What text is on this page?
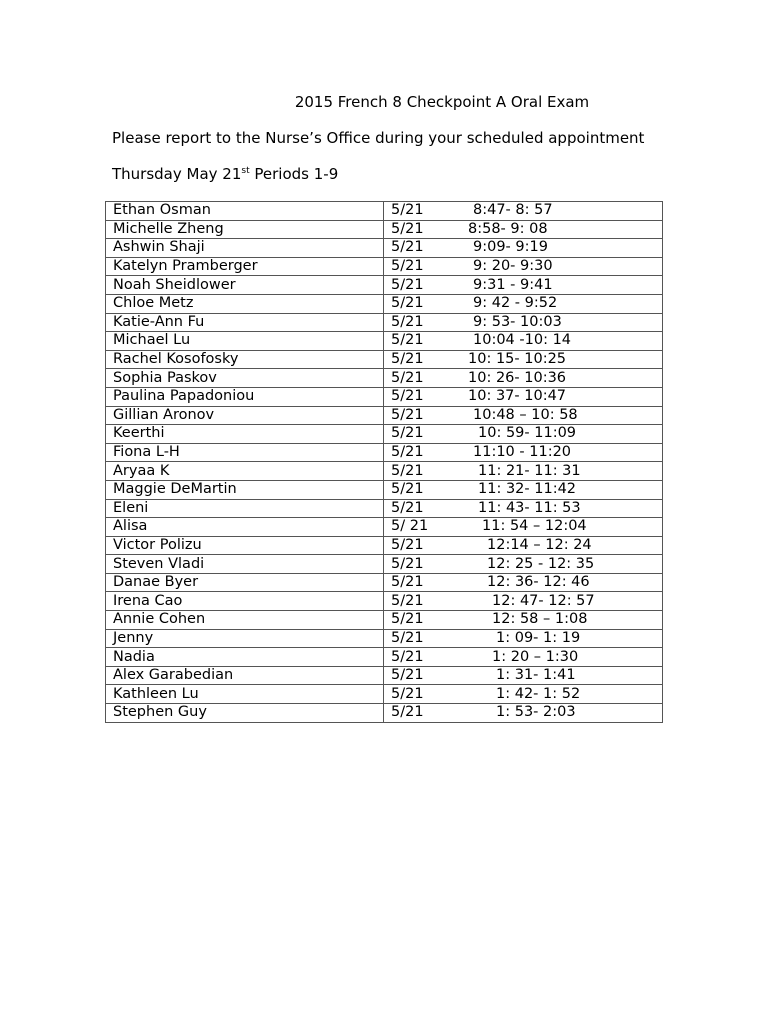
2015 French 8 Checkpoint A Oral Exam
Please report to the Nurse’s Office during your scheduled appointment
Thursday May 21st Periods 1-9
Ethan Osman	5/21 8:47- 8: 57
Michelle Zheng	5/21 8:58- 9: 08
Ashwin Shaji	5/21 9:09- 9:19
Katelyn Pramberger	5/21 9: 20- 9:30
Noah Sheidlower	5/21 9:31 - 9:41
Chloe Metz	5/21 9: 42 - 9:52
Katie-Ann Fu	5/21 9: 53- 10:03
Michael Lu	5/21 10:04 -10: 14
Rachel Kosofosky	5/21 10: 15- 10:25
Sophia Paskov	5/21 10: 26- 10:36
Paulina Papadoniou	5/21 10: 37- 10:47
Gillian Aronov	5/21 10:48 – 10: 58
Keerthi	5/21 10: 59- 11:09
Fiona L-H	5/21 11:10 - 11:20
Aryaa K	5/21 11: 21- 11: 31
Maggie DeMartin	5/21 11: 32- 11:42
Eleni	5/21 11: 43- 11: 53
Alisa	5/ 21 11: 54 – 12:04
Victor Polizu	5/21 12:14 – 12: 24
Steven Vladi	5/21 12: 25 - 12: 35
Danae Byer	5/21 12: 36- 12: 46
Irena Cao	5/21 12: 47- 12: 57
Annie Cohen	5/21 12: 58 – 1:08
Jenny	5/21 1: 09- 1: 19
Nadia	5/21 1: 20 – 1:30
Alex Garabedian	5/21 1: 31- 1:41
Kathleen Lu	5/21 1: 42- 1: 52
Stephen Guy	5/21 1: 53- 2:03
